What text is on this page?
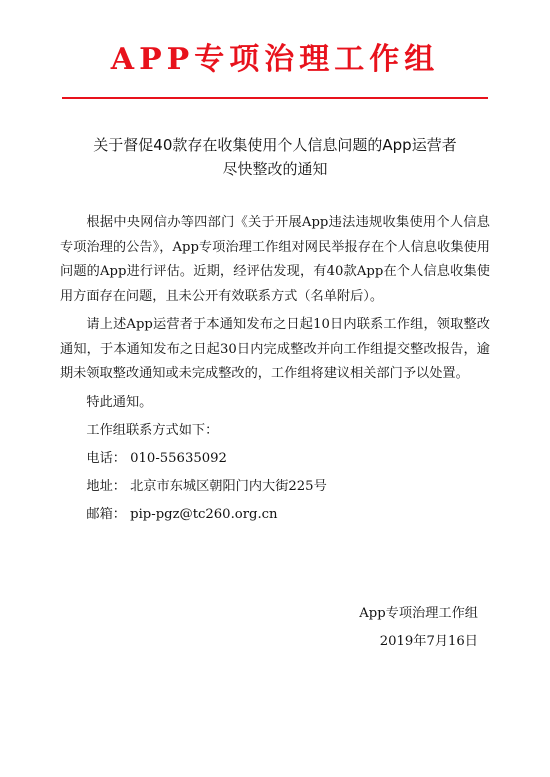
APP专项治理工作组
关于督促40款存在收集使用个人信息问题的App运营者
尽快整改的通知

根据中央网信办等四部门《关于开展App违法违规收集使用个人信息专项治理的公告》，App专项治理工作组对网民举报存在个人信息收集使用问题的App进行评估。近期，经评估发现，有40款App在个人信息收集使用方面存在问题，且未公开有效联系方式（名单附后）。

请上述App运营者于本通知发布之日起10日内联系工作组，领取整改通知，于本通知发布之日起30日内完成整改并向工作组提交整改报告，逾期未领取整改通知或未完成整改的，工作组将建议相关部门予以处置。

特此通知。

工作组联系方式如下：

电话： 010-55635092

地址： 北京市东城区朝阳门内大街225号

邮箱： pip-pgz@tc260.org.cn

App专项治理工作组
2019年7月16日
